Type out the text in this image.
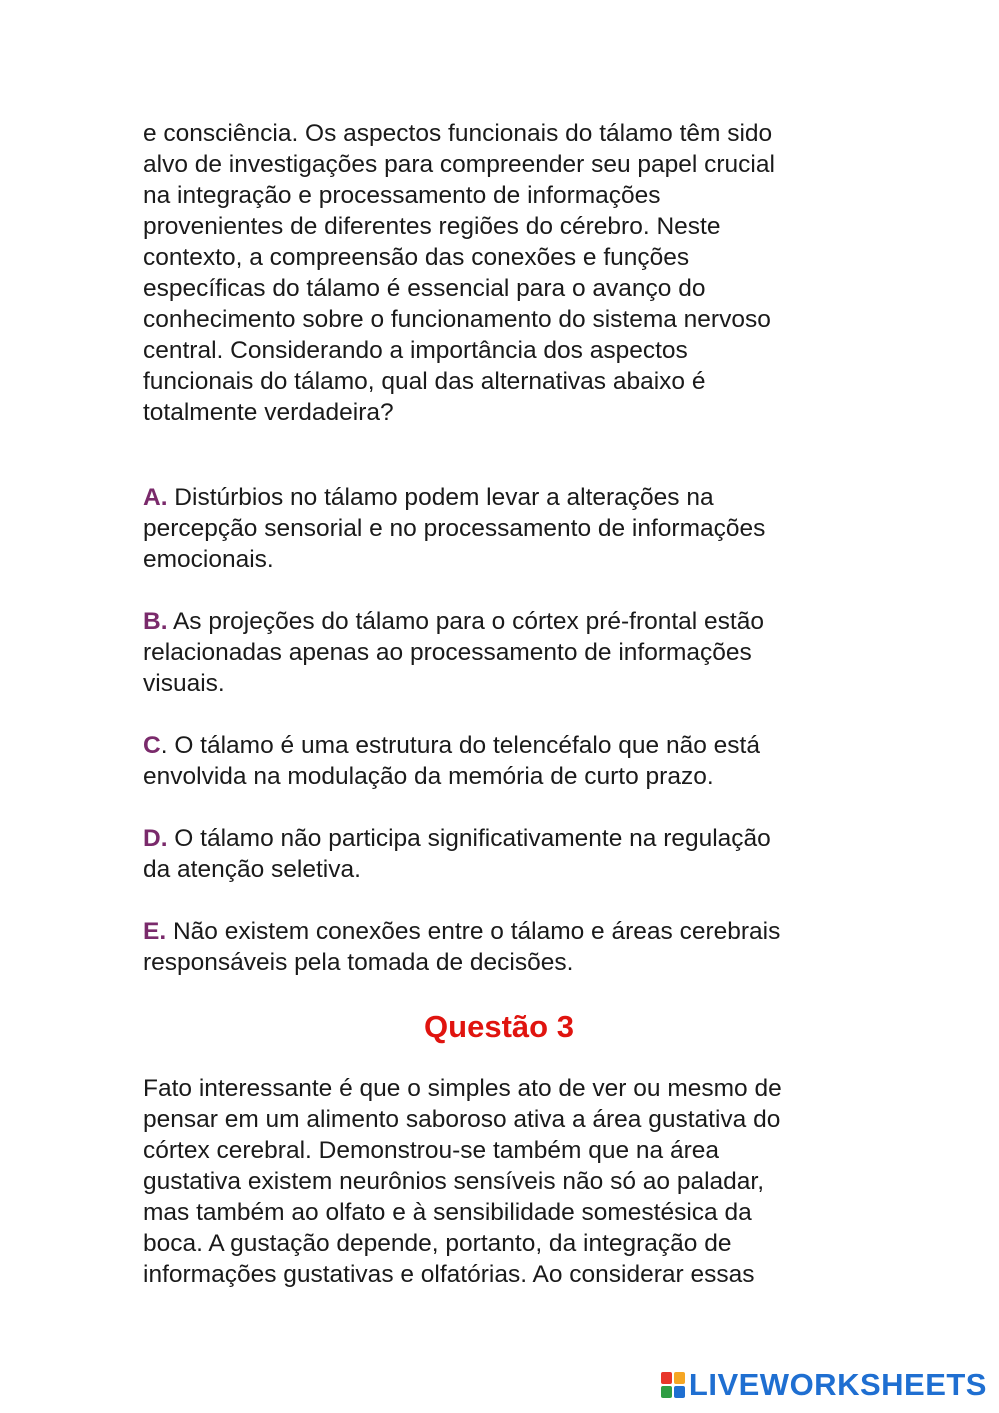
e consciência. Os aspectos funcionais do tálamo têm sido
alvo de investigações para compreender seu papel crucial
na integração e processamento de informações
provenientes de diferentes regiões do cérebro. Neste
contexto, a compreensão das conexões e funções
específicas do tálamo é essencial para o avanço do
conhecimento sobre o funcionamento do sistema nervoso
central. Considerando a importância dos aspectos
funcionais do tálamo, qual das alternativas abaixo é
totalmente verdadeira?

A. Distúrbios no tálamo podem levar a alterações na
percepção sensorial e no processamento de informações
emocionais.

B. As projeções do tálamo para o córtex pré-frontal estão
relacionadas apenas ao processamento de informações
visuais.

C. O tálamo é uma estrutura do telencéfalo que não está
envolvida na modulação da memória de curto prazo.

D. O tálamo não participa significativamente na regulação
da atenção seletiva.

E. Não existem conexões entre o tálamo e áreas cerebrais
responsáveis pela tomada de decisões.

Questão 3

Fato interessante é que o simples ato de ver ou mesmo de
pensar em um alimento saboroso ativa a área gustativa do
córtex cerebral. Demonstrou-se também que na área
gustativa existem neurônios sensíveis não só ao paladar,
mas também ao olfato e à sensibilidade somestésica da
boca. A gustação depende, portanto, da integração de
informações gustativas e olfatórias. Ao considerar essas

LIVEWORKSHEETS
